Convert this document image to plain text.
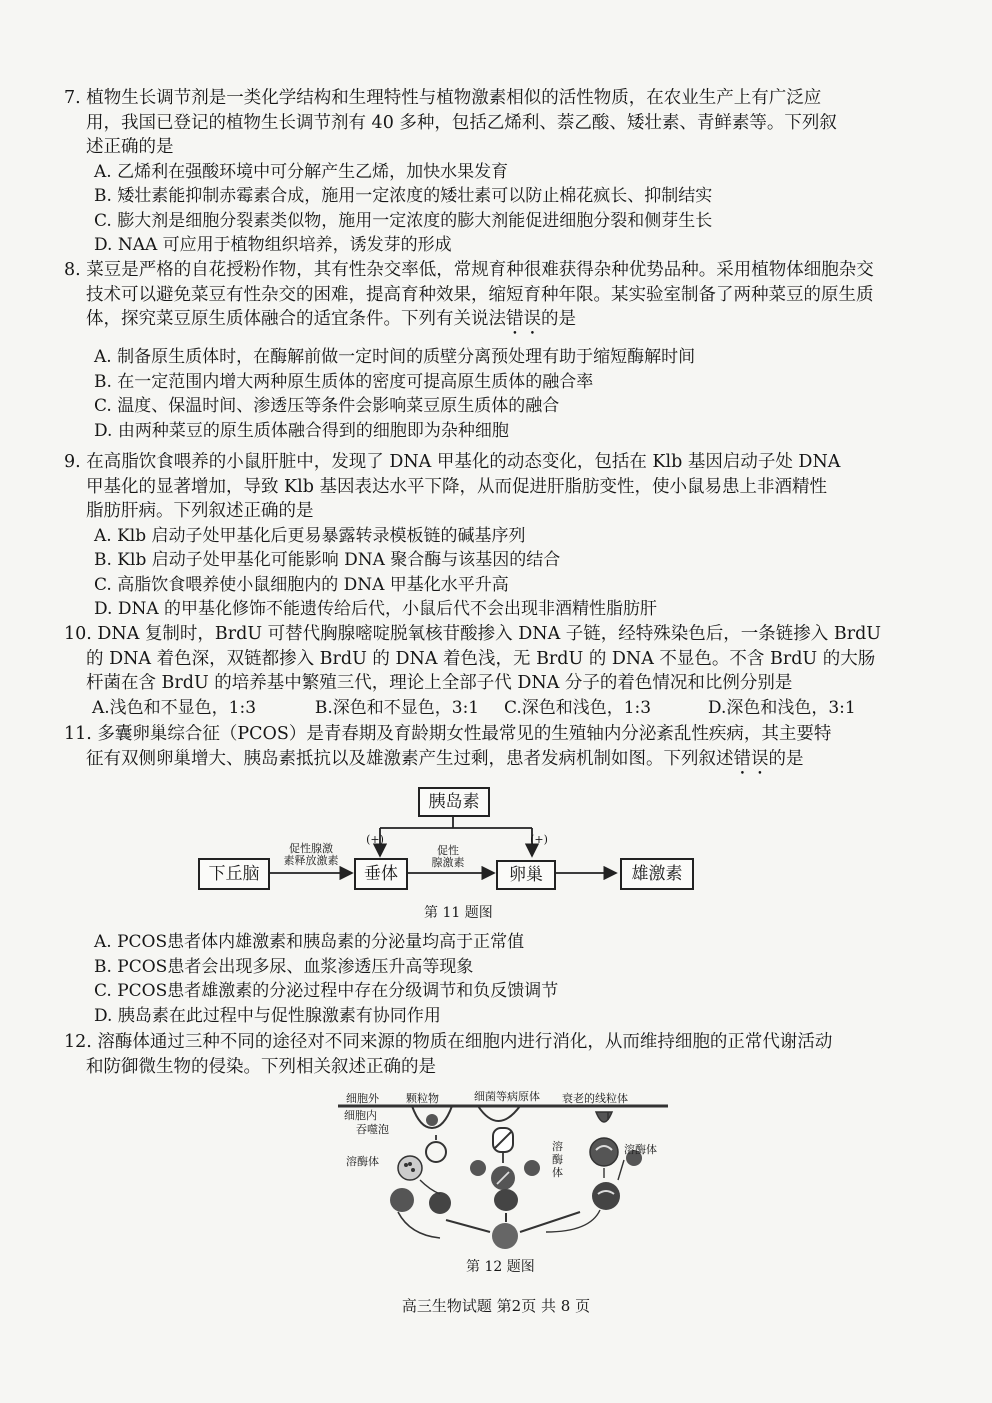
7. 植物生长调节剂是一类化学结构和生理特性与植物激素相似的活性物质，在农业生产上有广泛应
用，我国已登记的植物生长调节剂有 40 多种，包括乙烯利、萘乙酸、矮壮素、青鲜素等。下列叙
述正确的是
A. 乙烯利在强酸环境中可分解产生乙烯，加快水果发育
B. 矮壮素能抑制赤霉素合成，施用一定浓度的矮壮素可以防止棉花疯长、抑制结实
C. 膨大剂是细胞分裂素类似物，施用一定浓度的膨大剂能促进细胞分裂和侧芽生长
D. NAA 可应用于植物组织培养，诱发芽的形成
8. 菜豆是严格的自花授粉作物，其有性杂交率低，常规育种很难获得杂种优势品种。采用植物体细胞杂交
技术可以避免菜豆有性杂交的困难，提高育种效果，缩短育种年限。某实验室制备了两种菜豆的原生质
体，探究菜豆原生质体融合的适宜条件。下列有关说法错误的是
A. 制备原生质体时，在酶解前做一定时间的质壁分离预处理有助于缩短酶解时间
B. 在一定范围内增大两种原生质体的密度可提高原生质体的融合率
C. 温度、保温时间、渗透压等条件会影响菜豆原生质体的融合
D. 由两种菜豆的原生质体融合得到的细胞即为杂种细胞
9. 在高脂饮食喂养的小鼠肝脏中，发现了 DNA 甲基化的动态变化，包括在 Klb 基因启动子处 DNA
甲基化的显著增加，导致 Klb 基因表达水平下降，从而促进肝脂肪变性，使小鼠易患上非酒精性
脂肪肝病。下列叙述正确的是
A. Klb 启动子处甲基化后更易暴露转录模板链的碱基序列
B. Klb 启动子处甲基化可能影响 DNA 聚合酶与该基因的结合
C. 高脂饮食喂养使小鼠细胞内的 DNA 甲基化水平升高
D. DNA 的甲基化修饰不能遗传给后代，小鼠后代不会出现非酒精性脂肪肝
10. DNA 复制时，BrdU 可替代胸腺嘧啶脱氧核苷酸掺入 DNA 子链，经特殊染色后，一条链掺入 BrdU
的 DNA 着色深，双链都掺入 BrdU 的 DNA 着色浅，无 BrdU 的 DNA 不显色。不含 BrdU 的大肠
杆菌在含 BrdU 的培养基中繁殖三代，理论上全部子代 DNA 分子的着色情况和比例分别是
A.浅色和不显色，1:3	B.深色和不显色，3:1 C.深色和浅色，1:3	D.深色和浅色，3:1
11. 多囊卵巢综合征（PCOS）是青春期及育龄期女性最常见的生殖轴内分泌紊乱性疾病，其主要特
征有双侧卵巢增大、胰岛素抵抗以及雄激素产生过剩，患者发病机制如图。下列叙述错误的是
胰岛素
下丘脑	垂体	卵巢	雄激素
促性腺激
素释放激素
促性
腺激素
(+)	(+)
第 11 题图
A. PCOS患者体内雄激素和胰岛素的分泌量均高于正常值
B. PCOS患者会出现多尿、血浆渗透压升高等现象
C. PCOS患者雄激素的分泌过程中存在分级调节和负反馈调节
D. 胰岛素在此过程中与促性腺激素有协同作用
12. 溶酶体通过三种不同的途径对不同来源的物质在细胞内进行消化，从而维持细胞的正常代谢活动
和防御微生物的侵染。下列相关叙述正确的是
细胞外 颗粒物	细菌等病原体 衰老的线粒体
细胞内
吞噬泡
溶酶体
溶
酶
体
溶酶体
第 12 题图
高三生物试题 第2页 共 8 页
